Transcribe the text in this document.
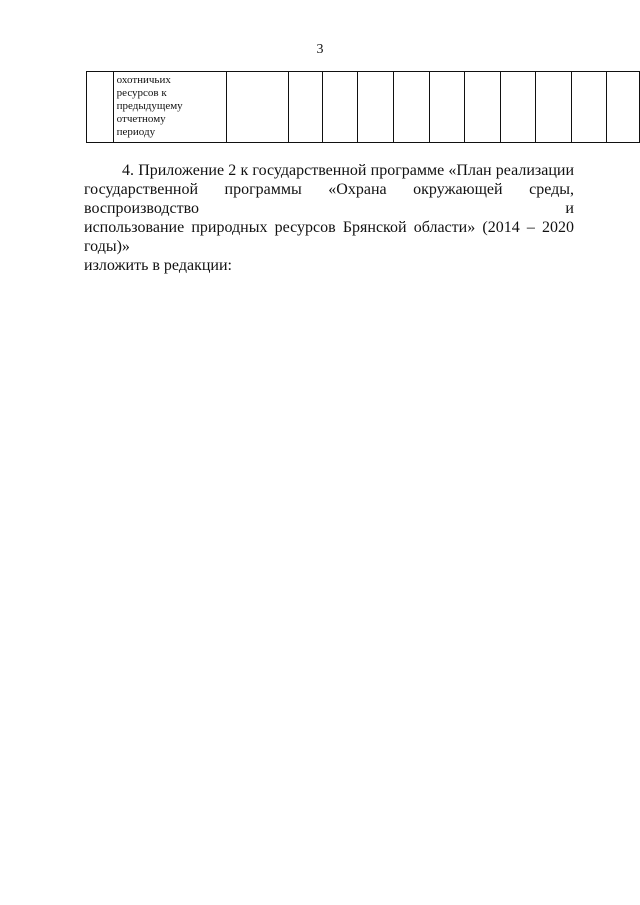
3

охотничьих
ресурсов к
предыдущему
отчетному
периоду

4. Приложение 2 к государственной программе «План реализации
государственной программы «Охрана окружающей среды, воспроизводство и
использование природных ресурсов Брянской области» (2014 – 2020 годы)»
изложить в редакции:
